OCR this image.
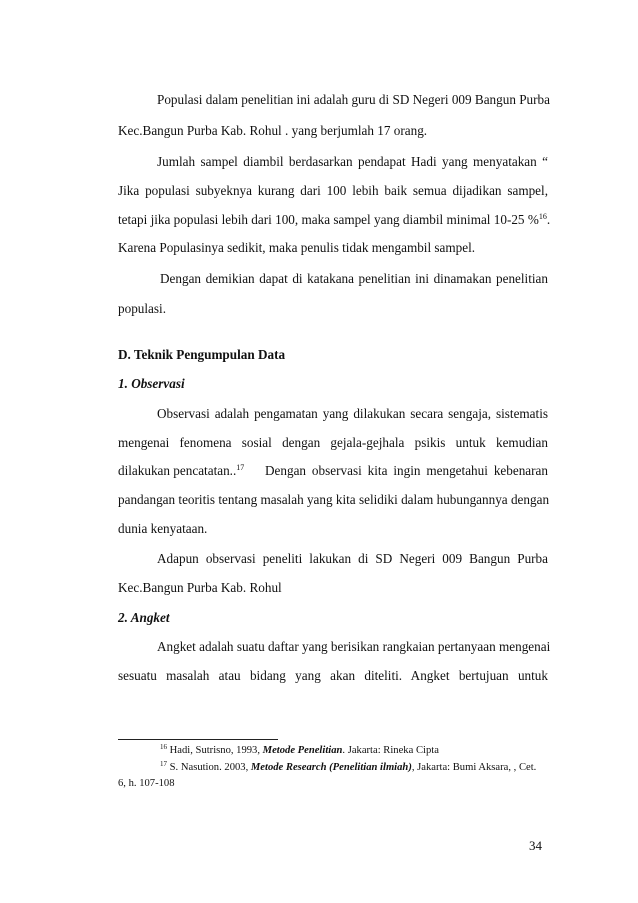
Populasi dalam penelitian ini adalah guru di SD Negeri 009 Bangun Purba
Kec.Bangun Purba Kab. Rohul . yang berjumlah 17 orang.
Jumlah sampel diambil berdasarkan pendapat Hadi yang menyatakan “
Jika populasi subyeknya kurang dari 100 lebih baik semua dijadikan sampel,
tetapi jika populasi lebih dari 100, maka sampel yang diambil minimal 10-25 %$^{16}$.
Karena Populasinya sedikit, maka penulis tidak mengambil sampel.
Dengan demikian dapat di katakana penelitian ini dinamakan penelitian
populasi.
D. Teknik Pengumpulan Data
1. Observasi
Observasi adalah pengamatan yang dilakukan secara sengaja, sistematis
mengenai fenomena sosial dengan gejala-gejhala psikis untuk kemudian
dilakukan pencatatan..$^{17}$ Dengan observasi kita ingin mengetahui kebenaran
pandangan teoritis tentang masalah yang kita selidiki dalam hubungannya dengan
dunia kenyataan.
Adapun observasi peneliti lakukan di SD Negeri 009 Bangun Purba
Kec.Bangun Purba Kab. Rohul
2. Angket
Angket adalah suatu daftar yang berisikan rangkaian pertanyaan mengenai
sesuatu masalah atau bidang yang akan diteliti. Angket bertujuan untuk
$^{16}$ Hadi, Sutrisno, 1993, Metode Penelitian. Jakarta: Rineka Cipta
$^{17}$ S. Nasution. 2003, Metode Research (Penelitian ilmiah), Jakarta: Bumi Aksara, , Cet.
6, h. 107-108
34
